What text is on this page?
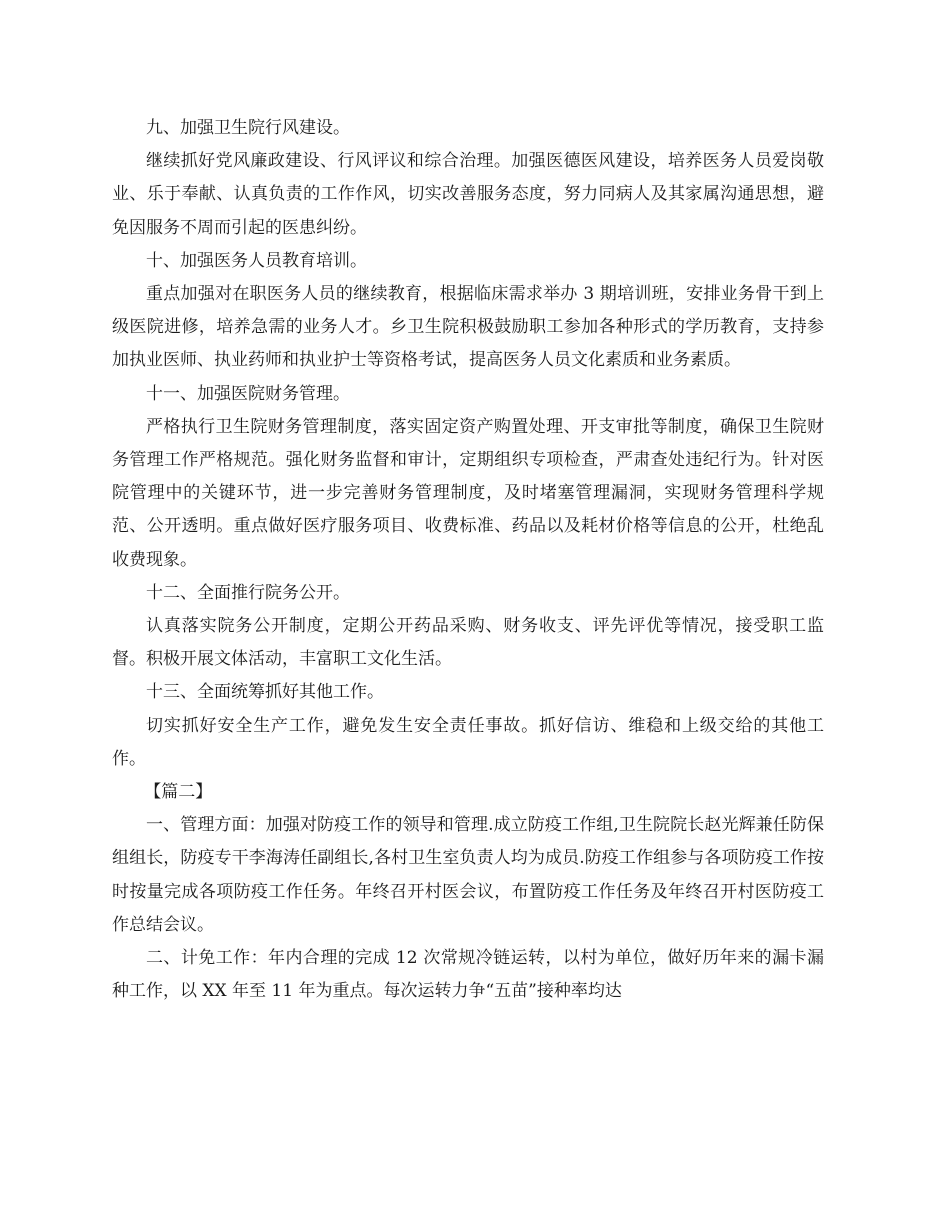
九、加强卫生院行风建设。

继续抓好党风廉政建设、行风评议和综合治理。加强医德医风建设，培养医务人员爱岗敬业、乐于奉献、认真负责的工作作风，切实改善服务态度，努力同病人及其家属沟通思想，避免因服务不周而引起的医患纠纷。

十、加强医务人员教育培训。

重点加强对在职医务人员的继续教育，根据临床需求举办 3 期培训班，安排业务骨干到上级医院进修，培养急需的业务人才。乡卫生院积极鼓励职工参加各种形式的学历教育，支持参加执业医师、执业药师和执业护士等资格考试，提高医务人员文化素质和业务素质。

十一、加强医院财务管理。

严格执行卫生院财务管理制度，落实固定资产购置处理、开支审批等制度，确保卫生院财务管理工作严格规范。强化财务监督和审计，定期组织专项检查，严肃查处违纪行为。针对医院管理中的关键环节，进一步完善财务管理制度，及时堵塞管理漏洞，实现财务管理科学规范、公开透明。重点做好医疗服务项目、收费标准、药品以及耗材价格等信息的公开，杜绝乱收费现象。

十二、全面推行院务公开。

认真落实院务公开制度，定期公开药品采购、财务收支、评先评优等情况，接受职工监督。积极开展文体活动，丰富职工文化生活。

十三、全面统筹抓好其他工作。

切实抓好安全生产工作，避免发生安全责任事故。抓好信访、维稳和上级交给的其他工作。

【篇二】

一、管理方面：加强对防疫工作的领导和管理.成立防疫工作组,卫生院院长赵光辉兼任防保组组长，防疫专干李海涛任副组长,各村卫生室负责人均为成员.防疫工作组参与各项防疫工作按时按量完成各项防疫工作任务。年终召开村医会议，布置防疫工作任务及年终召开村医防疫工作总结会议。

二、计免工作：年内合理的完成 12 次常规冷链运转，以村为单位，做好历年来的漏卡漏种工作，以 XX 年至 11 年为重点。每次运转力争“五苗”接种率均达
